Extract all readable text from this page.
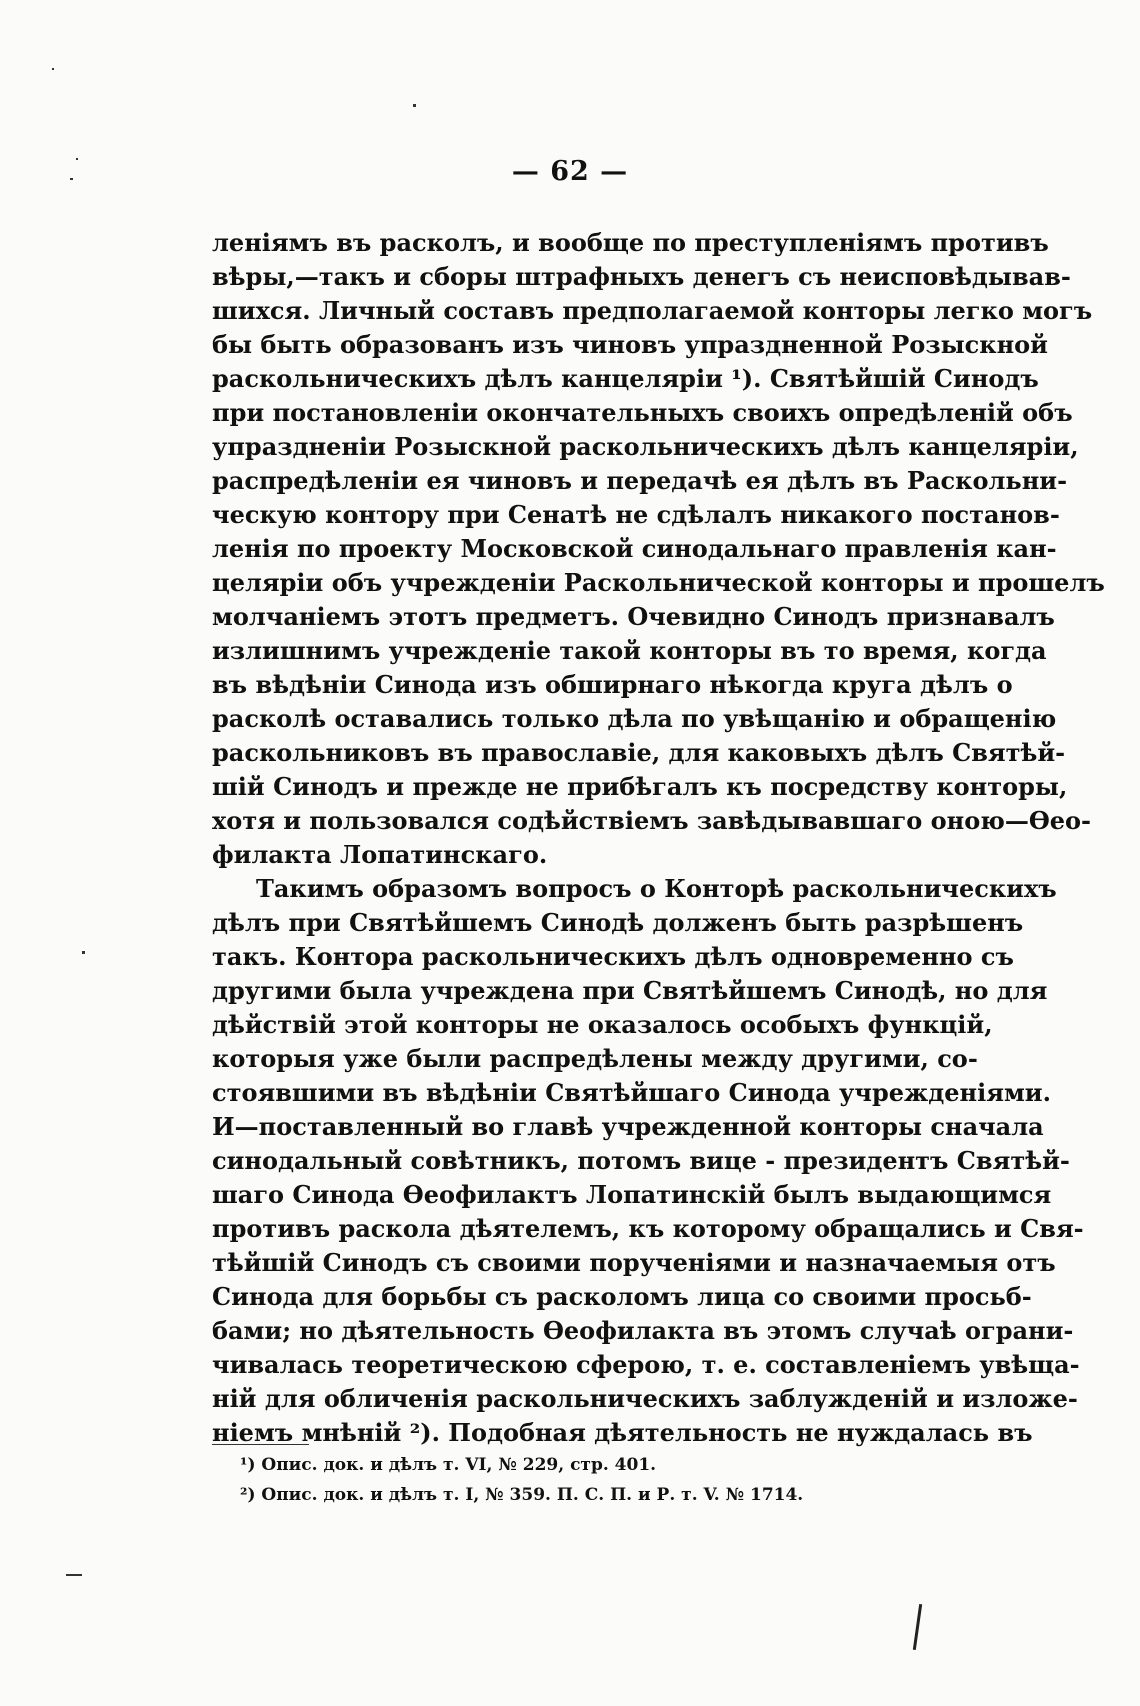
— 62 —
леніямъ въ расколъ, и вообще по преступленіямъ противъ
вѣры,—такъ и сборы штрафныхъ денегъ съ неисповѣдывав-
шихся. Личный составъ предполагаемой конторы легко могъ
бы быть образованъ изъ чиновъ упраздненной Розыскной
раскольническихъ дѣлъ канцеляріи ¹). Святѣйшій Синодъ
при постановленіи окончательныхъ своихъ опредѣленій объ
упраздненіи Розыскной раскольническихъ дѣлъ канцеляріи,
распредѣленіи ея чиновъ и передачѣ ея дѣлъ въ Раскольни-
ческую контору при Сенатѣ не сдѣлалъ никакого постанов-
ленія по проекту Московской синодальнаго правленія кан-
целяріи объ учрежденіи Раскольнической конторы и прошелъ
молчаніемъ этотъ предметъ. Очевидно Синодъ признавалъ
излишнимъ учрежденіе такой конторы въ то время, когда
въ вѣдѣніи Синода изъ обширнаго нѣкогда круга дѣлъ о
расколѣ оставались только дѣла по увѣщанію и обращенію
раскольниковъ въ православіе, для каковыхъ дѣлъ Святѣй-
шій Синодъ и прежде не прибѣгалъ къ посредству конторы,
хотя и пользовался содѣйствіемъ завѣдывавшаго оною—Ѳео-
филакта Лопатинскаго.
Такимъ образомъ вопросъ о Конторѣ раскольническихъ
дѣлъ при Святѣйшемъ Синодѣ долженъ быть разрѣшенъ
такъ. Контора раскольническихъ дѣлъ одновременно съ
другими была учреждена при Святѣйшемъ Синодѣ, но для
дѣйствій этой конторы не оказалось особыхъ функцій,
которыя уже были распредѣлены между другими, со-
стоявшими въ вѣдѣніи Святѣйшаго Синода учрежденіями.
И—поставленный во главѣ учрежденной конторы сначала
синодальный совѣтникъ, потомъ вице - президентъ Святѣй-
шаго Синода Ѳеофилактъ Лопатинскій былъ выдающимся
противъ раскола дѣятелемъ, къ которому обращались и Свя-
тѣйшій Синодъ съ своими порученіями и назначаемыя отъ
Синода для борьбы съ расколомъ лица со своими просьб-
бами; но дѣятельность Ѳеофилакта въ этомъ случаѣ ограни-
чивалась теоретическою сферою, т. е. составленіемъ увѣща-
ній для обличенія раскольническихъ заблужденій и изложе-
ніемъ мнѣній ²). Подобная дѣятельность не нуждалась въ
¹) Опис. док. и дѣлъ т. VI, № 229, стр. 401.
²) Опис. док. и дѣлъ т. I, № 359. П. С. П. и Р. т. V. № 1714.
